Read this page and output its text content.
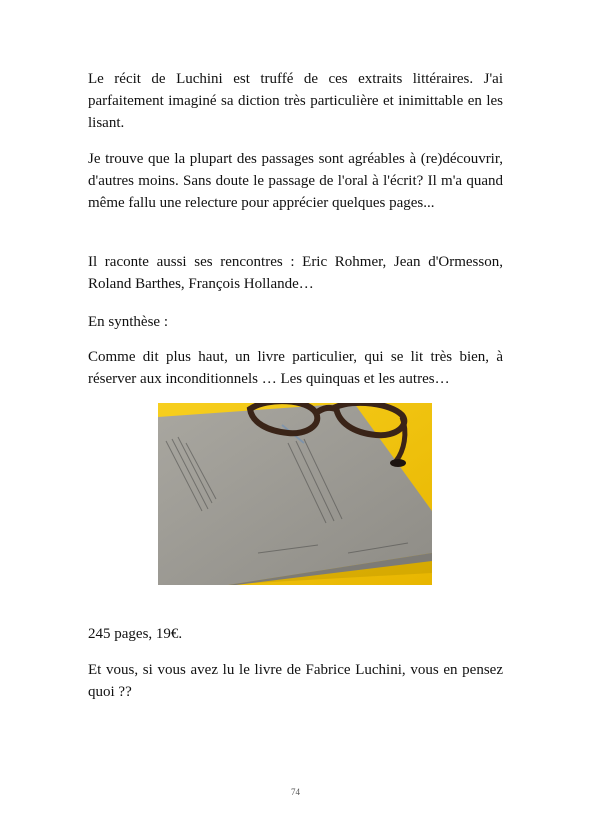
Le récit de Luchini est truffé de ces extraits littéraires. J'ai parfaitement imaginé sa diction très particulière et inimittable en les lisant.

Je trouve que la plupart des passages sont agréables à (re)découvrir, d'autres moins. Sans doute le passage de l'oral à l'écrit? Il m'a quand même fallu une relecture pour apprécier quelques pages...

Il raconte aussi ses rencontres : Eric Rohmer, Jean d'Ormesson, Roland Barthes, François Hollande…

En synthèse :

Comme dit plus haut, un livre particulier, qui se lit très bien, à réserver aux inconditionnels … Les quinquas et les autres…

245 pages, 19€.

Et vous, si vous avez lu le livre de Fabrice Luchini, vous en pensez quoi ??

74
